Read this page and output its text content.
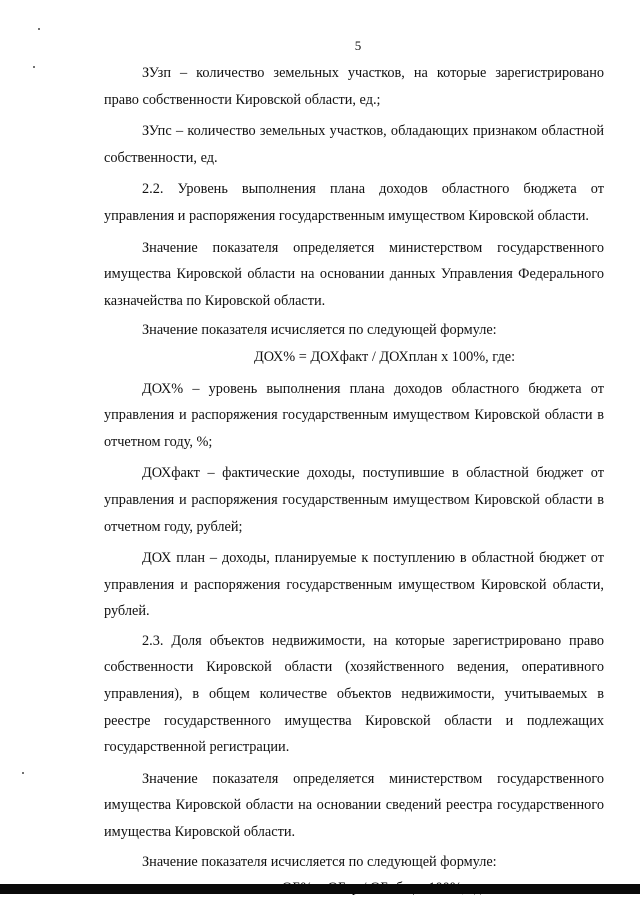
5

ЗУзп – количество земельных участков, на которые зарегистрировано право собственности Кировской области, ед.;

ЗУпс – количество земельных участков, обладающих признаком областной собственности, ед.

2.2. Уровень выполнения плана доходов областного бюджета от управления и распоряжения государственным имуществом Кировской области.

Значение показателя определяется министерством государственного имущества Кировской области на основании данных Управления Федерального казначейства по Кировской области.

Значение показателя исчисляется по следующей формуле:

ДОХ% = ДОХфакт / ДОХплан х 100%, где:

ДОХ% – уровень выполнения плана доходов областного бюджета от управления и распоряжения государственным имуществом Кировской области в отчетном году, %;

ДОХфакт – фактические доходы, поступившие в областной бюджет от управления и распоряжения государственным имуществом Кировской области в отчетном году, рублей;

ДОХ план – доходы, планируемые к поступлению в областной бюджет от управления и распоряжения государственным имуществом Кировской области, рублей.

2.3. Доля объектов недвижимости, на которые зарегистрировано право собственности Кировской области (хозяйственного ведения, оперативного управления), в общем количестве объектов недвижимости, учитываемых в реестре государственного имущества Кировской области и подлежащих государственной регистрации.

Значение показателя определяется министерством государственного имущества Кировской области на основании сведений реестра государственного имущества Кировской области.

Значение показателя исчисляется по следующей формуле:
